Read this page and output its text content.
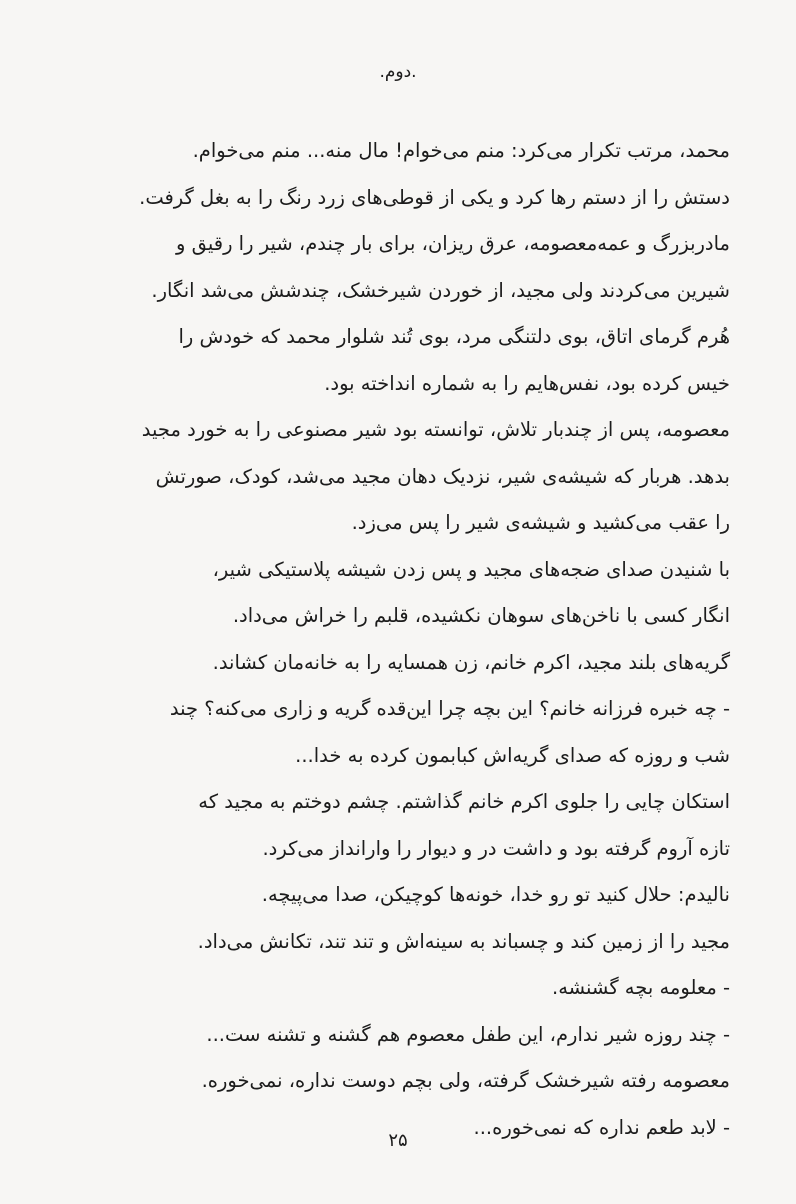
.دوم.
محمد، مرتب تکرار می‌کرد: منم می‌خوام! مال منه... منم می‌خوام.
دستش را از دستم رها کرد و یکی از قوطی‌های زرد رنگ را به بغل گرفت.
مادربزرگ و عمه‌معصومه، عرق ریزان، برای بار چندم، شیر را رقیق و
شیرین می‌کردند ولی مجید، از خوردن شیرخشک، چندشش می‌شد انگار.
هُرم گرمای اتاق، بوی دلتنگی مرد، بوی تُند شلوار محمد که خودش را
خیس کرده بود، نفس‌هایم را به شماره انداخته بود.
معصومه، پس از چندبار تلاش، توانسته بود شیر مصنوعی را به خورد مجید
بدهد. هربار که شیشه‌ی شیر، نزدیک دهان مجید می‌شد، کودک، صورتش
را عقب می‌کشید و شیشه‌ی شیر را پس می‌زد.
با شنیدن صدای ضجه‌های مجید و پس زدن شیشه پلاستیکی شیر،
انگار کسی با ناخن‌های سوهان نکشیده، قلبم را خراش می‌داد.
گریه‌های بلند مجید، اکرم خانم، زن همسایه را به خانه‌مان کشاند.
- چه خبره فرزانه خانم؟ این بچه چرا این‌قده گریه و زاری می‌کنه؟ چند
شب و روزه که صدای گریه‌اش کبابمون کرده به خدا...
استکان چایی را جلوی اکرم خانم گذاشتم. چشم دوختم به مجید که
تازه آروم گرفته بود و داشت در و دیوار را وارانداز می‌کرد.
نالیدم: حلال کنید تو رو خدا، خونه‌ها کوچیکن، صدا می‌پیچه.
مجید را از زمین کند و چسباند به سینه‌اش و تند تند، تکانش می‌داد.
- معلومه بچه گشنشه.
- چند روزه شیر ندارم، این طفل معصوم هم گشنه و تشنه ست...
معصومه رفته شیرخشک گرفته، ولی بچم دوست نداره، نمی‌خوره.
- لابد طعم نداره که نمی‌خوره...
۲۵
